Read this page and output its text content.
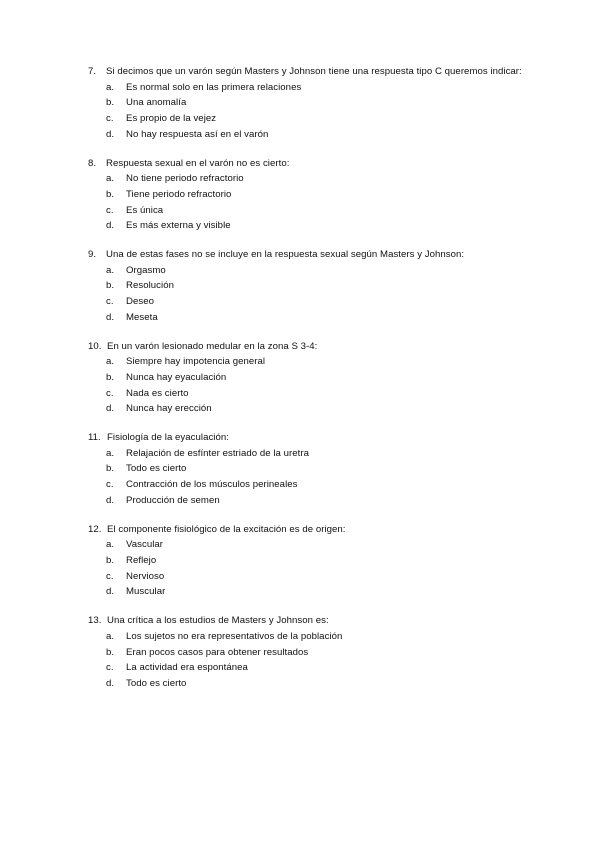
7.	Si decimos que un varón según Masters y Johnson tiene una respuesta tipo C queremos indicar:
a.	Es normal solo en las primera relaciones
b.	Una anomalía
c.	Es propio de la vejez
d.	No hay respuesta así en el varón
8.	Respuesta sexual en el varón no es cierto:
a.	No tiene periodo refractorio
b.	Tiene periodo refractorio
c.	Es única
d.	Es más externa y visible
9.	Una de estas fases no se incluye en la respuesta sexual según Masters y Johnson:
a.	Orgasmo
b.	Resolución
c.	Deseo
d.	Meseta
10. En un varón lesionado medular en la zona S 3-4:
a.	Siempre hay impotencia general
b.	Nunca hay eyaculación
c.	Nada es cierto
d.	Nunca hay erección
11. Fisiología de la eyaculación:
a.	Relajación de esfínter estriado de la uretra
b.	Todo es cierto
c.	Contracción de los músculos perineales
d.	Producción de semen
12. El componente fisiológico de la excitación es de origen:
a.	Vascular
b.	Reflejo
c.	Nervioso
d.	Muscular
13. Una crítica a los estudios de Masters y Johnson es:
a.	Los sujetos no era representativos de la población
b.	Eran pocos casos para obtener resultados
c.	La actividad era espontánea
d.	Todo es cierto
